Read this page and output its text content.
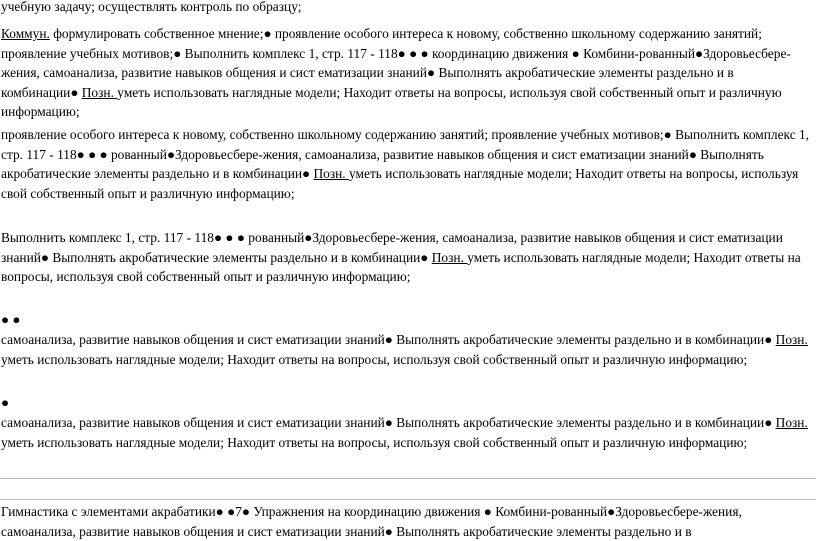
учебную задачу; осуществлять контроль по образцу;

Коммун. формулировать собственное мнение;● проявление особого интереса к новому, собственно школьному содержанию занятий; проявление учебных мотивов;● Выполнить комплекс 1, стр. 117 - 118● ● ● координацию движения ● Комбини-рованный●Здоровьесбере-жения, самоанализа, развитие навыков общения и сист ематизации знаний● Выполнять акробатические элементы раздельно и в комбинации● Позн. уметь использовать наглядные модели; Находит ответы на вопросы, используя свой собственный опыт и различную информацию;

проявление особого интереса к новому, собственно школьному содержанию занятий; проявление учебных мотивов;● Выполнить комплекс 1, стр. 117 - 118● ● ● рованный●Здоровьесбере-жения, самоанализа, развитие навыков общения и сист ематизации знаний● Выполнять акробатические элементы раздельно и в комбинации● Позн. уметь использовать наглядные модели; Находит ответы на вопросы, используя свой собственный опыт и различную информацию;

Выполнить комплекс 1, стр. 117 - 118● ● ● рованный●Здоровьесбере-жения, самоанализа, развитие навыков общения и сист ематизации знаний● Выполнять акробатические элементы раздельно и в комбинации● Позн. уметь использовать наглядные модели; Находит ответы на вопросы, используя свой собственный опыт и различную информацию;

● ●

самоанализа, развитие навыков общения и сист ематизации знаний● Выполнять акробатические элементы раздельно и в комбинации● Позн. уметь использовать наглядные модели; Находит ответы на вопросы, используя свой собственный опыт и различную информацию;

●

самоанализа, развитие навыков общения и сист ематизации знаний● Выполнять акробатические элементы раздельно и в комбинации● Позн. уметь использовать наглядные модели; Находит ответы на вопросы, используя свой собственный опыт и различную информацию;

Гимнастика с элементами акрабатики● ●7● Упражнения на координацию движения ● Комбини-рованный●Здоровьесбере-жения, самоанализа, развитие навыков общения и сист ематизации знаний● Выполнять акробатические элементы раздельно и в
